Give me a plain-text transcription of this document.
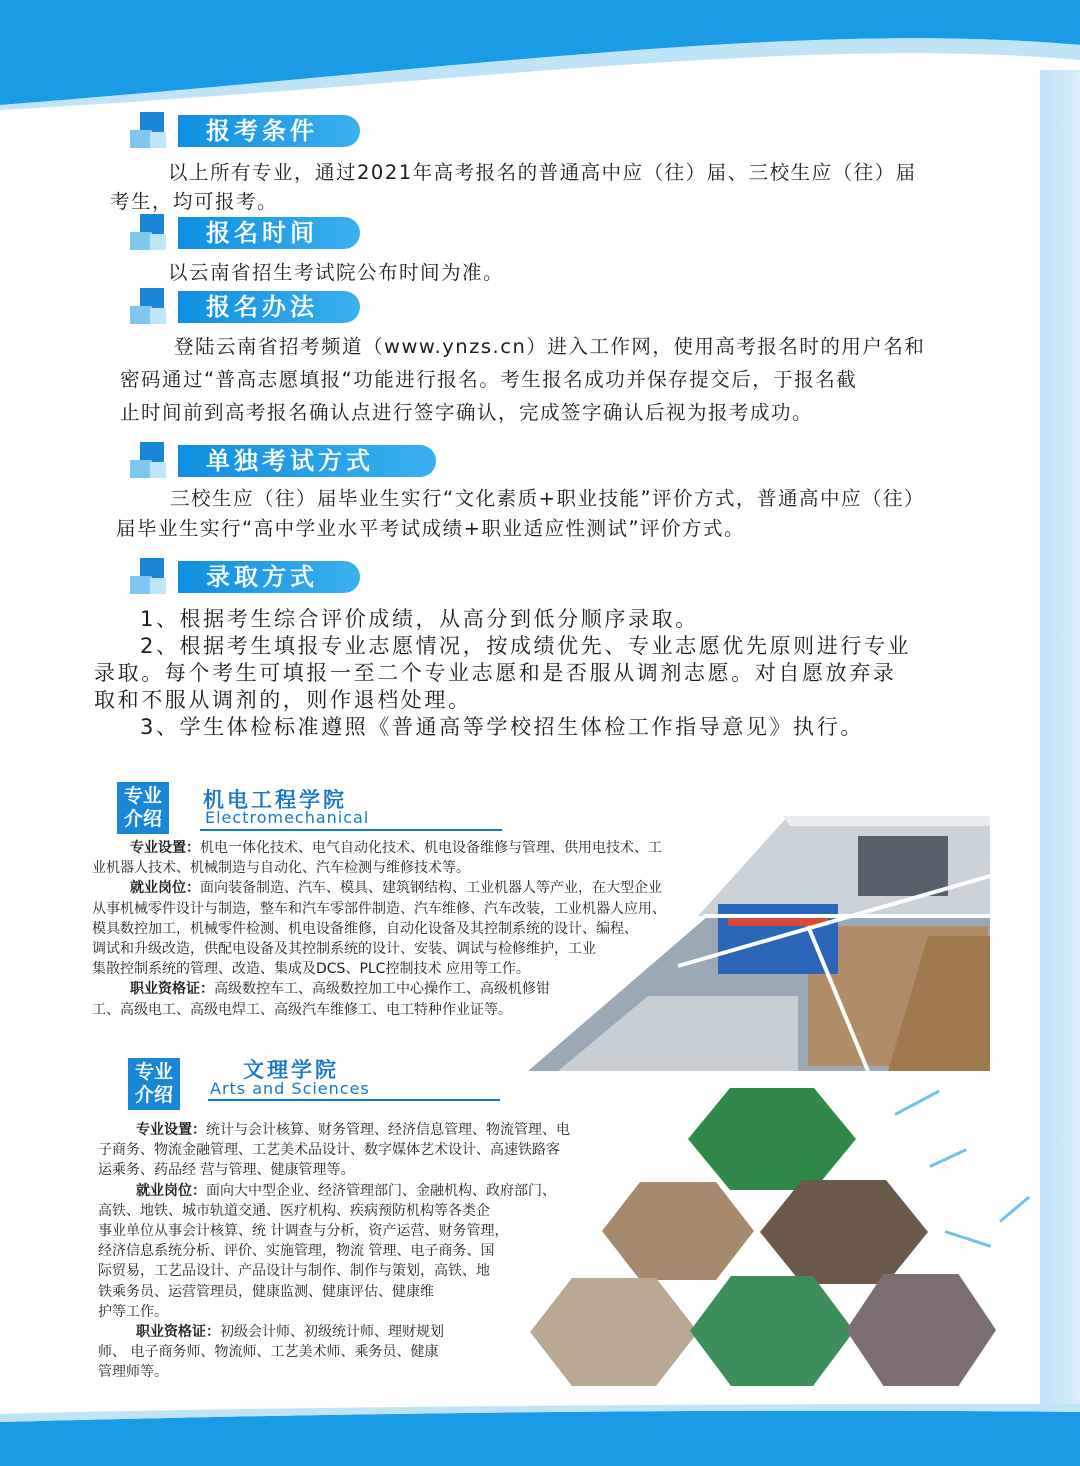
报考条件

以上所有专业，通过2021年高考报名的普通高中应（往）届、三校生应（往）届

考生，均可报考。

报名时间

以云南省招生考试院公布时间为准。

报名办法

登陆云南省招考频道（www.ynzs.cn）进入工作网，使用高考报名时的用户名和

密码通过“普高志愿填报“功能进行报名。考生报名成功并保存提交后，于报名截

止时间前到高考报名确认点进行签字确认，完成签字确认后视为报考成功。

单独考试方式

三校生应（往）届毕业生实行“文化素质+职业技能”评价方式，普通高中应（往）

届毕业生实行“高中学业水平考试成绩+职业适应性测试”评价方式。

录取方式

1、根据考生综合评价成绩，从高分到低分顺序录取。

2、根据考生填报专业志愿情况，按成绩优先、专业志愿优先原则进行专业

录取。每个考生可填报一至二个专业志愿和是否服从调剂志愿。对自愿放弃录

取和不服从调剂的，则作退档处理。

3、学生体检标准遵照《普通高等学校招生体检工作指导意见》执行。

专业
介绍
机电工程学院
Electromechanical

专业设置：机电一体化技术、电气自动化技术、机电设备维修与管理、供用电技术、工

业机器人技术、机械制造与自动化、汽车检测与维修技术等。

就业岗位：面向装备制造、汽车、模具、建筑钢结构、工业机器人等产业，在大型企业

从事机械零件设计与制造，整车和汽车零部件制造、汽车维修、汽车改装，工业机器人应用、

模具数控加工，机械零件检测、机电设备维修，自动化设备及其控制系统的设计、编程、

调试和升级改造，供配电设备及其控制系统的设计、安装、调试与检修维护，工业

集散控制系统的管理、改造、集成及DCS、PLC控制技术 应用等工作。

职业资格证：高级数控车工、高级数控加工中心操作工、高级机修钳

工、高级电工、高级电焊工、高级汽车维修工、电工特种作业证等。

专业
介绍
文理学院
Arts and Sciences

专业设置：统计与会计核算、财务管理、经济信息管理、物流管理、电

子商务、物流金融管理、工艺美术品设计、数字媒体艺术设计、高速铁路客

运乘务、药品经 营与管理、健康管理等。

就业岗位：面向大中型企业、经济管理部门、金融机构、政府部门、

高铁、地铁、城市轨道交通、医疗机构、疾病预防机构等各类企

事业单位从事会计核算、统 计调查与分析，资产运营、财务管理，

经济信息系统分析、评价、实施管理，物流 管理、电子商务、国

际贸易，工艺品设计、产品设计与制作、制作与策划，高铁、地

铁乘务员、运营管理员，健康监测、健康评估、健康维

护等工作。

职业资格证：初级会计师、初级统计师、理财规划

师、 电子商务师、物流师、工艺美术师、乘务员、健康

管理师等。
